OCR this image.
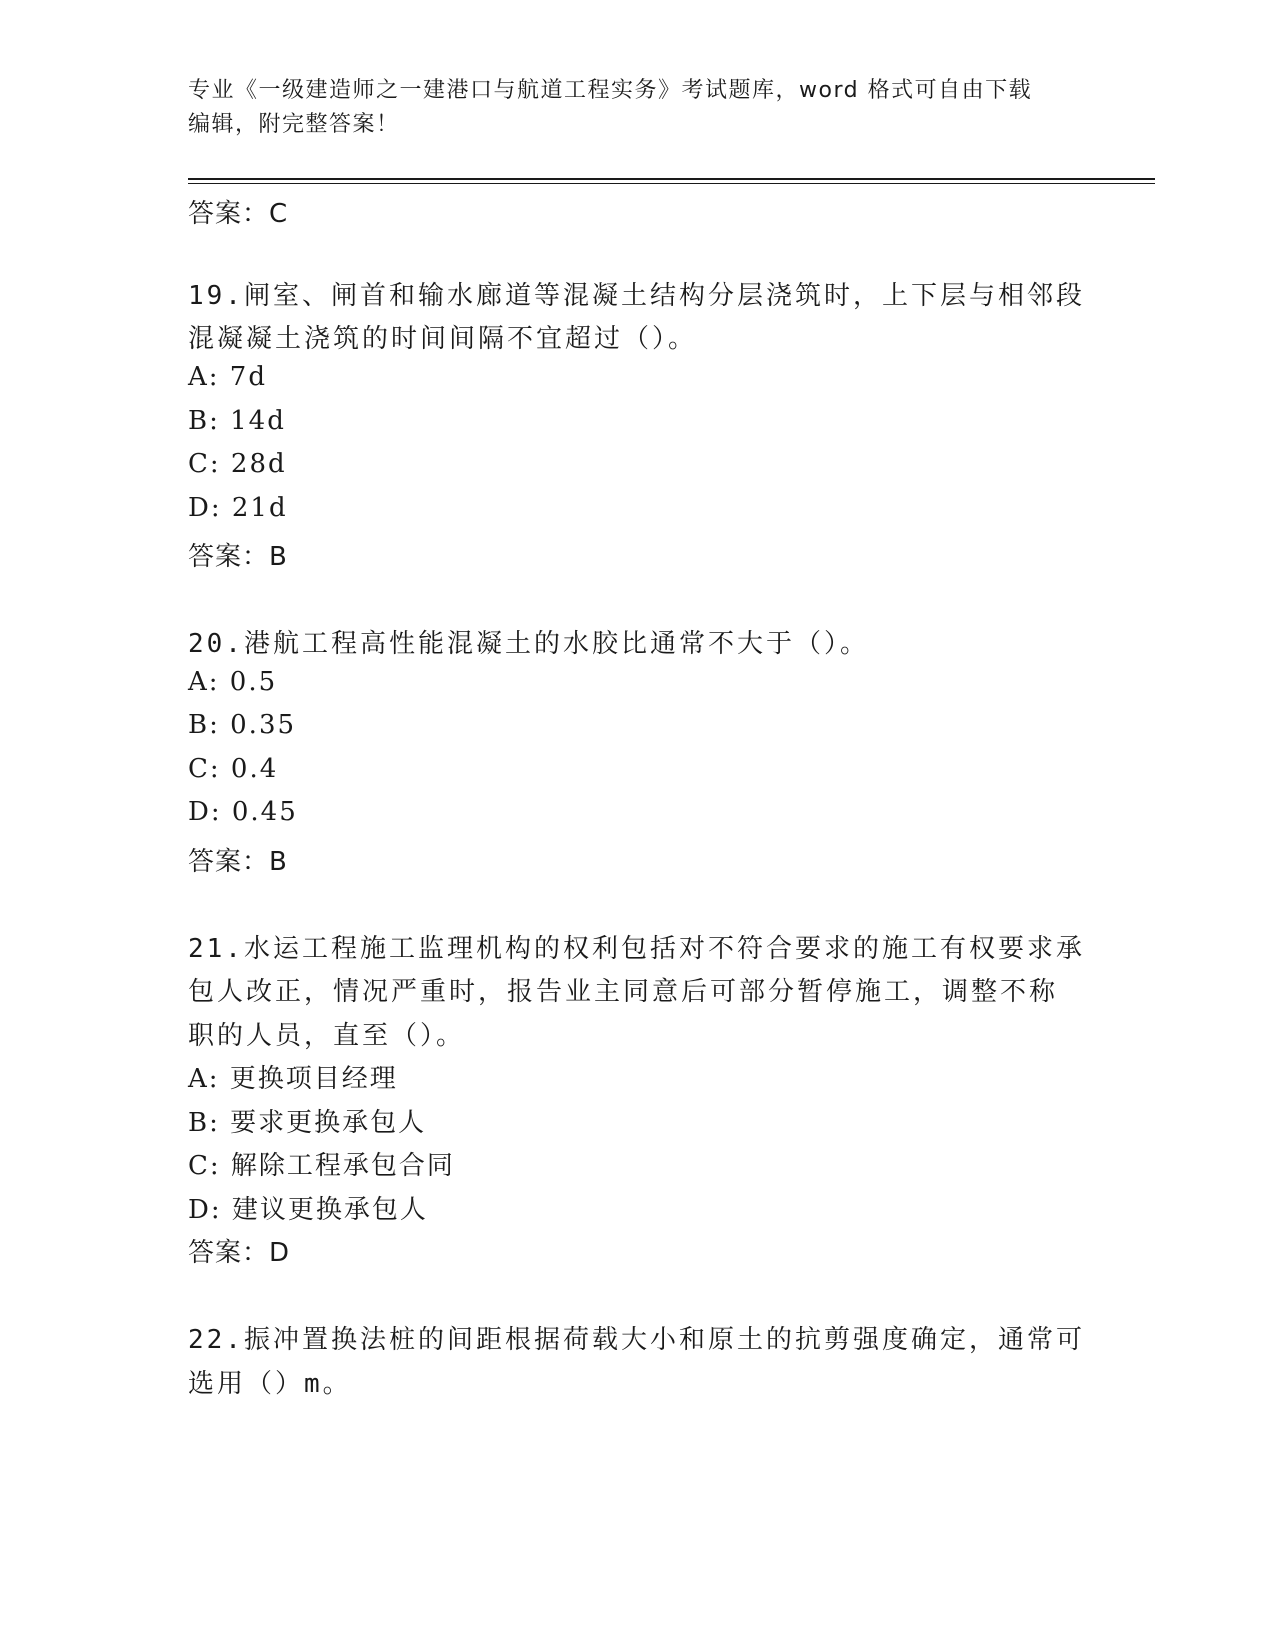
专业《一级建造师之一建港口与航道工程实务》考试题库，word 格式可自由下载
编辑，附完整答案！
答案：C
19.闸室、闸首和输水廊道等混凝土结构分层浇筑时，上下层与相邻段
混凝凝土浇筑的时间间隔不宜超过（）。
A: 7d
B: 14d
C: 28d
D: 21d
答案：B
20.港航工程高性能混凝土的水胶比通常不大于（）。
A: 0.5
B: 0.35
C: 0.4
D: 0.45
答案：B
21.水运工程施工监理机构的权利包括对不符合要求的施工有权要求承
包人改正，情况严重时，报告业主同意后可部分暂停施工，调整不称
职的人员，直至（）。
A: 更换项目经理
B: 要求更换承包人
C: 解除工程承包合同
D: 建议更换承包人
答案：D
22.振冲置换法桩的间距根据荷载大小和原土的抗剪强度确定，通常可
选用（）m。
